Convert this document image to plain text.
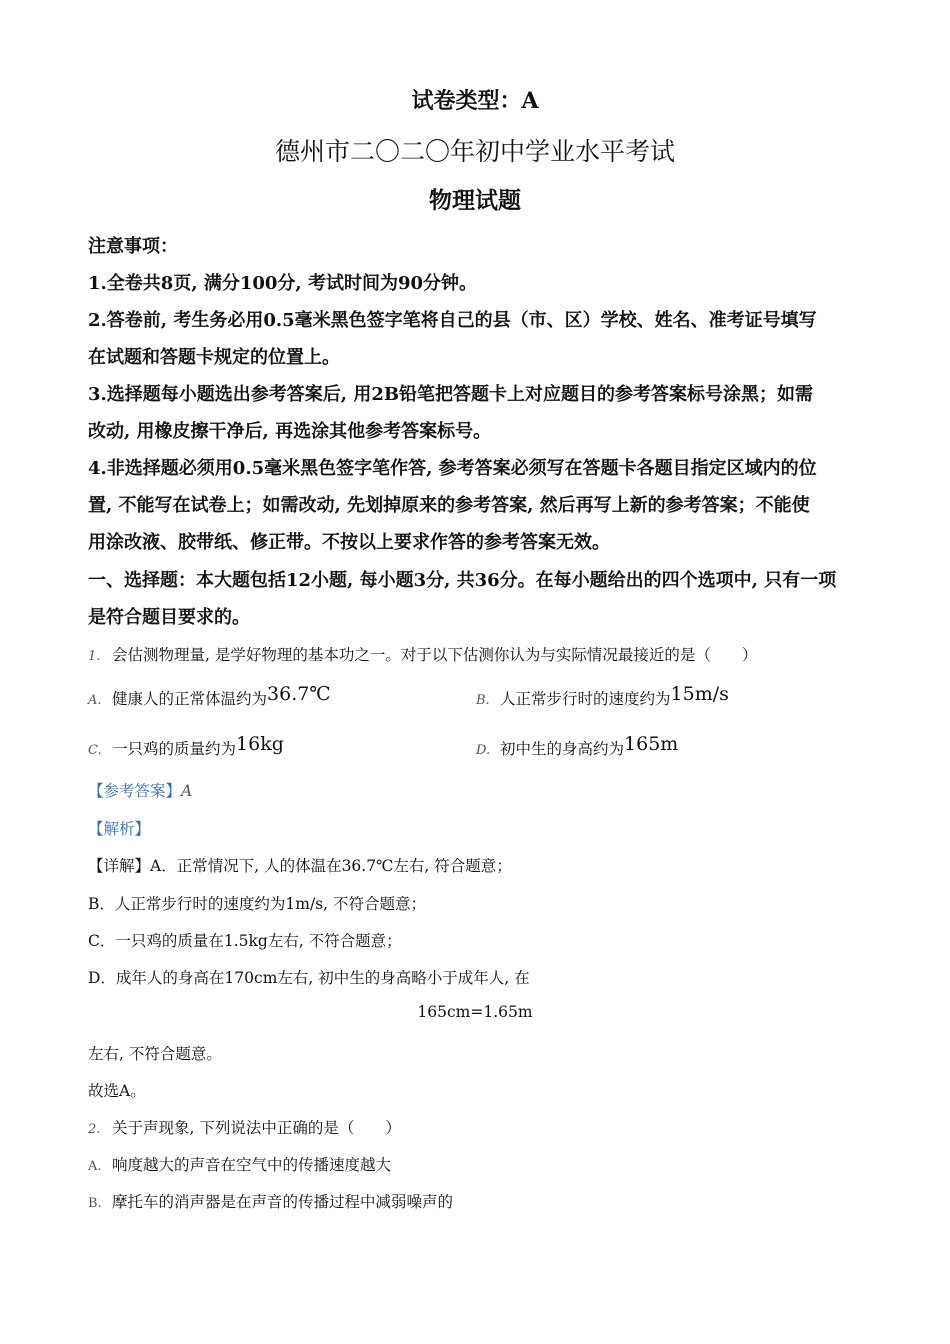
试卷类型：A
德州市二〇二〇年初中学业水平考试
物理试题
注意事项：
1.全卷共8页, 满分100分, 考试时间为90分钟。
2.答卷前, 考生务必用0.5毫米黑色签字笔将自己的县（市、区）学校、姓名、准考证号填写
在试题和答题卡规定的位置上。
3.选择题每小题选出参考答案后, 用2B铅笔把答题卡上对应题目的参考答案标号涂黑；如需
改动, 用橡皮擦干净后, 再选涂其他参考答案标号。
4.非选择题必须用0.5毫米黑色签字笔作答, 参考答案必须写在答题卡各题目指定区域内的位
置, 不能写在试卷上；如需改动, 先划掉原来的参考答案, 然后再写上新的参考答案；不能使
用涂改液、胶带纸、修正带。不按以上要求作答的参考答案无效。
一、选择题：本大题包括12小题, 每小题3分, 共36分。在每小题给出的四个选项中, 只有一项
是符合题目要求的。
1. 会估测物理量, 是学好物理的基本功之一。对于以下估测你认为与实际情况最接近的是（　　）
A. 健康人的正常体温约为36.7℃	B. 人正常步行时的速度约为15m/s
C. 一只鸡的质量约为16kg	D. 初中生的身高约为165m
【参考答案】A
【解析】
【详解】A．正常情况下, 人的体温在36.7℃左右, 符合题意；
B．人正常步行时的速度约为1m/s, 不符合题意；
C．一只鸡的质量在1.5kg左右, 不符合题意；
D．成年人的身高在170cm左右, 初中生的身高略小于成年人, 在
165cm=1.65m
左右, 不符合题意。
故选A。
2. 关于声现象, 下列说法中正确的是（　　）
A. 响度越大的声音在空气中的传播速度越大
B. 摩托车的消声器是在声音的传播过程中减弱噪声的
